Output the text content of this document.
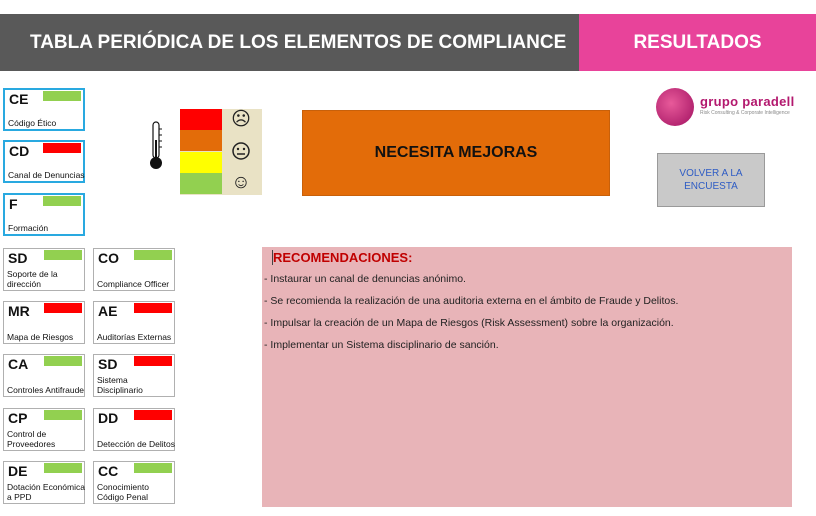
TABLA PERIÓDICA DE LOS ELEMENTOS DE COMPLIANCE	RESULTADOS
CE
Código Ético
CD
Canal de Denuncias
F
Formación
SD
Soporte de la dirección
CO
Compliance Officer
MR
Mapa de Riesgos
AE
Auditorías Externas
CA
Controles Antifraude
SD
Sistema Disciplinario
CP
Control de Proveedores
DD
Detección de Delitos
DE
Dotación Económica a PPD
CC
Conocimiento Código Penal
☹
☺
NECESITA MEJORAS
grupo paradell
Risk Consulting & Corporate Intelligence
VOLVER A LA ENCUESTA
RECOMENDACIONES:
- Instaurar un canal de denuncias anónimo.
- Se recomienda la realización de una auditoria externa en el ámbito de Fraude y Delitos.
- Impulsar la creación de un Mapa de Riesgos (Risk Assessment) sobre la organización.
- Implementar un Sistema disciplinario de sanción.
